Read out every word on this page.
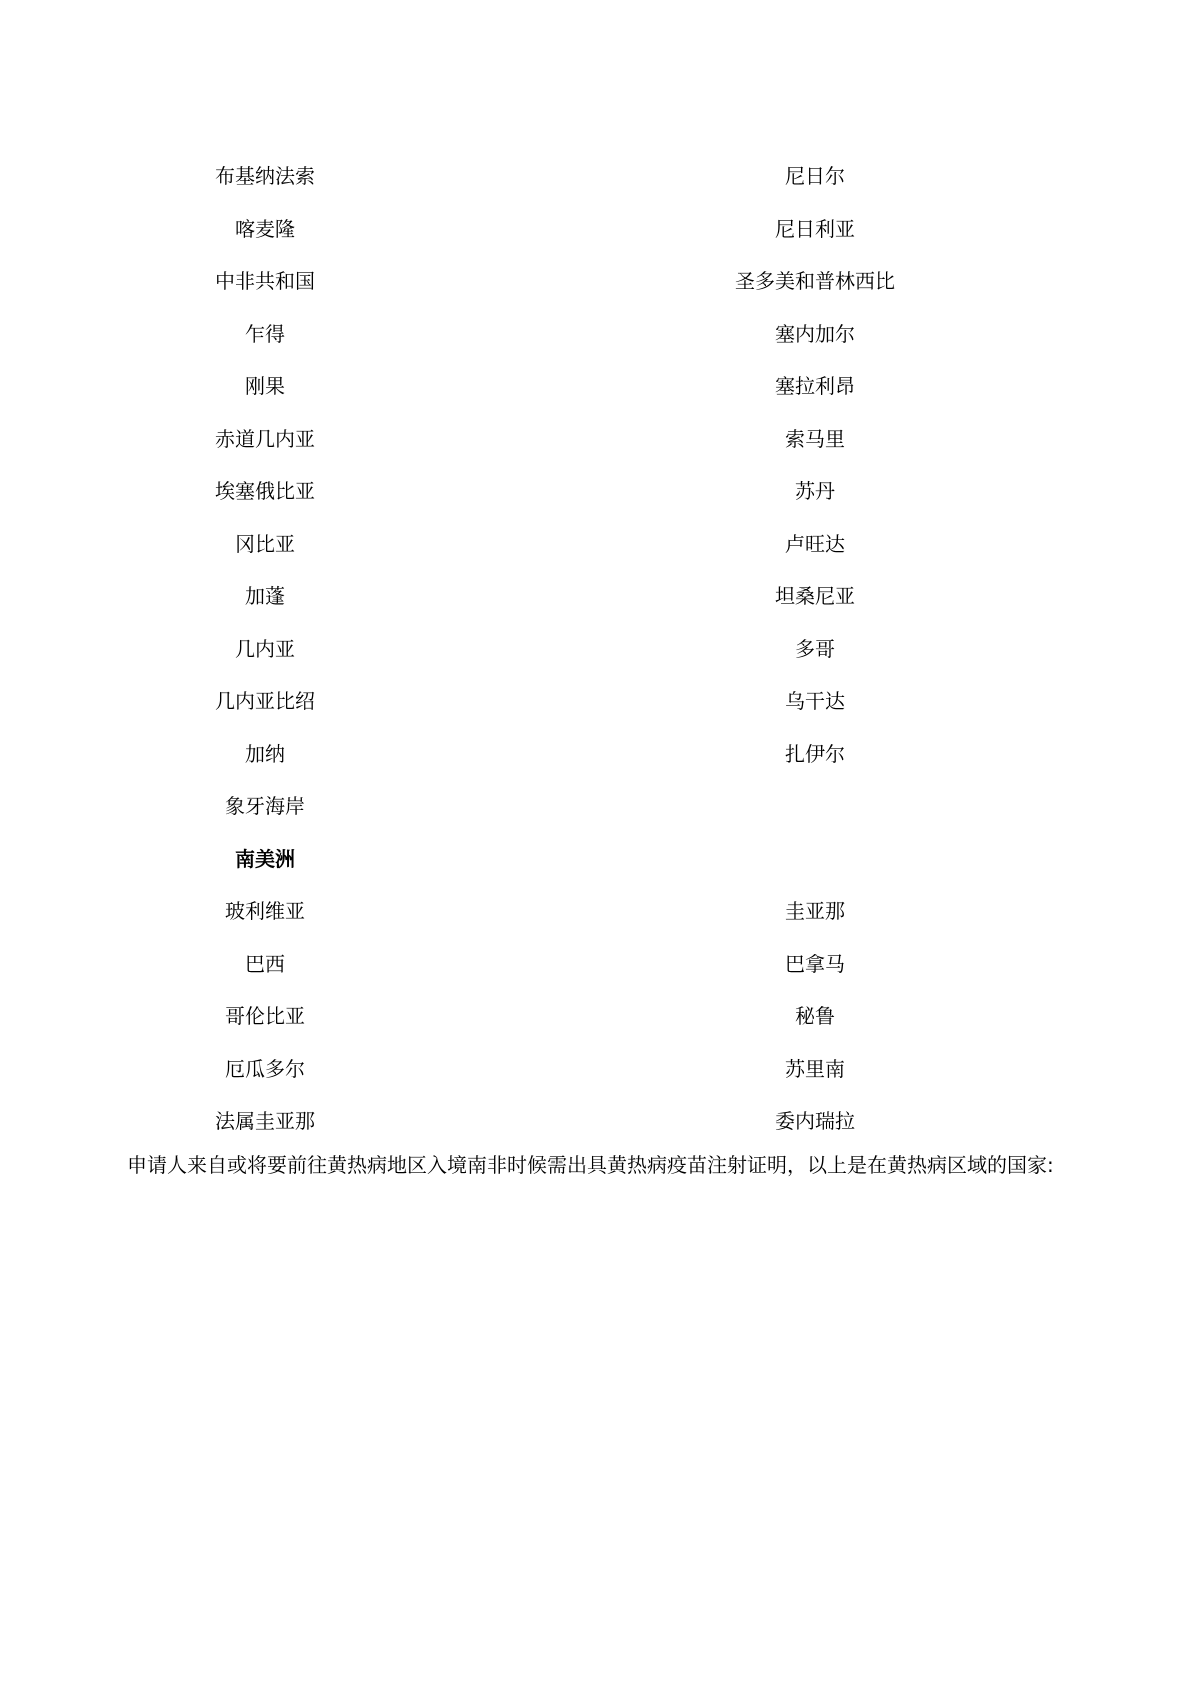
布基纳法索	尼日尔
喀麦隆	尼日利亚
中非共和国	圣多美和普林西比
乍得	塞内加尔
刚果	塞拉利昂
赤道几内亚	索马里
埃塞俄比亚	苏丹
冈比亚	卢旺达
加蓬	坦桑尼亚
几内亚	多哥
几内亚比绍	乌干达
加纳	扎伊尔
象牙海岸
南美洲
玻利维亚	圭亚那
巴西	巴拿马
哥伦比亚	秘鲁
厄瓜多尔	苏里南
法属圭亚那	委内瑞拉
申请人来自或将要前往黄热病地区入境南非时候需出具黄热病疫苗注射证明，以上是在黄热病区域的国家:
